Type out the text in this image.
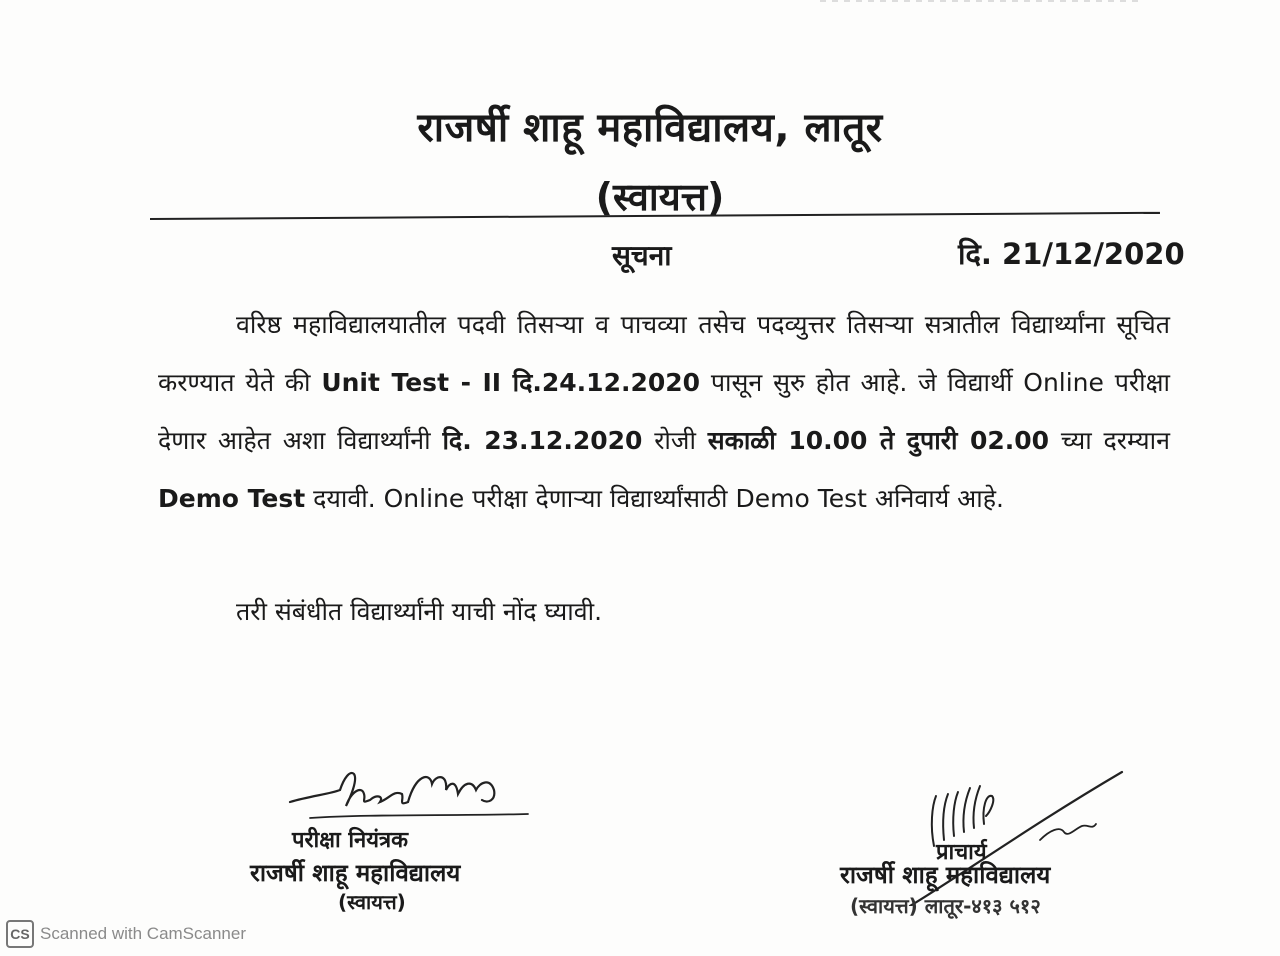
राजर्षी शाहू महाविद्यालय, लातूर
(स्वायत्त)
सूचना	दि. 21/12/2020
वरिष्ठ महाविद्यालयातील पदवी तिसऱ्या व पाचव्या तसेच पदव्युत्तर तिसऱ्या सत्रातील विद्यार्थ्यांना सूचित करण्यात येते की Unit Test - II दि.24.12.2020 पासून सुरु होत आहे. जे विद्यार्थी Online परीक्षा देणार आहेत अशा विद्यार्थ्यांनी दि. 23.12.2020 रोजी सकाळी 10.00 ते दुपारी 02.00 च्या दरम्यान Demo Test दयावी. Online परीक्षा देणाऱ्या विद्यार्थ्यांसाठी Demo Test अनिवार्य आहे.
तरी संबंधीत विद्यार्थ्यांनी याची नोंद घ्यावी.
परीक्षा नियंत्रक
राजर्षी शाहू महाविद्यालय
(स्वायत्त)
प्राचार्य
राजर्षी शाहू महाविद्यालय
(स्वायत्त) लातूर-४१३ ५१२
CS Scanned with CamScanner
